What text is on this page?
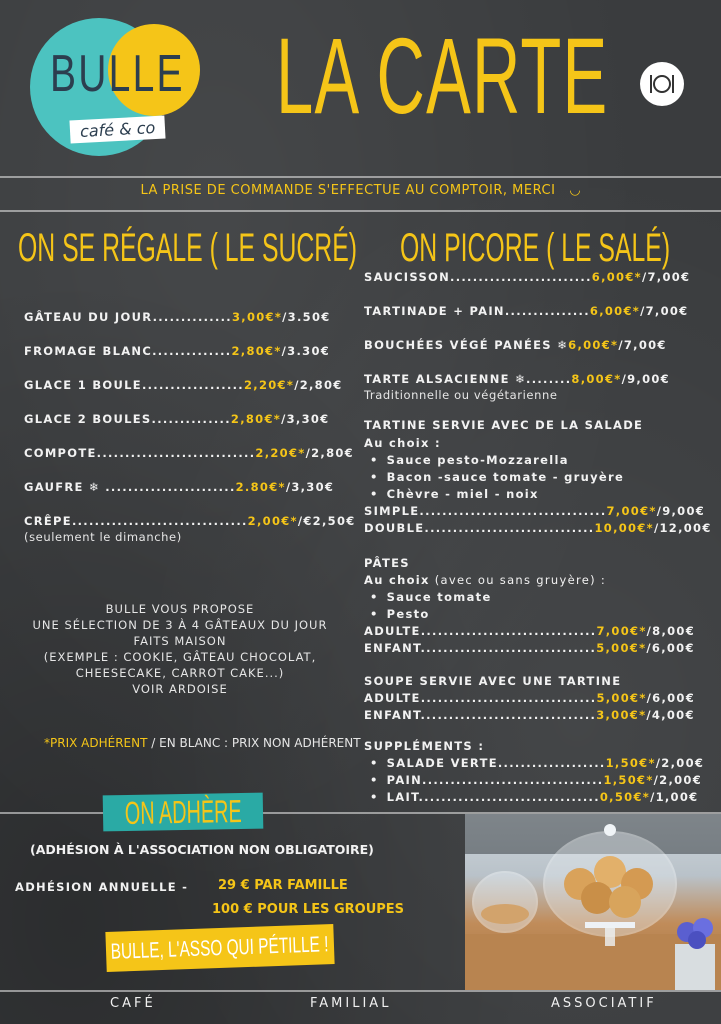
BULLE
café & co LA CARTE
LA PRISE DE COMMANDE S'EFFECTUE AU COMPTOIR, MERCI ◡
ON SE RÉGALE ( LE SUCRÉ)
GÂTEAU DU JOUR..............3,00€*/3.50€
FROMAGE BLANC..............2,80€*/3.30€
GLACE 1 BOULE..................2,20€*/2,80€
GLACE 2 BOULES..............2,80€*/3,30€
COMPOTE............................2,20€*/2,80€
GAUFRE ❄ .......................2.80€*/3,30€
CRÊPE...............................2,00€*/€2,50€
(seulement le dimanche)
BULLE VOUS PROPOSE
UNE SÉLECTION DE 3 À 4 GÂTEAUX DU JOUR
FAITS MAISON
(EXEMPLE : COOKIE, GÂTEAU CHOCOLAT,
CHEESECAKE, CARROT CAKE...)
VOIR ARDOISE
*PRIX ADHÉRENT / EN BLANC : PRIX NON ADHÉRENT
ON PICORE ( LE SALÉ)
SAUCISSON.........................6,00€*/7,00€
TARTINADE + PAIN...............6,00€*/7,00€
BOUCHÉES VÉGÉ PANÉES ❄6,00€*/7,00€
TARTE ALSACIENNE ❄........8,00€*/9,00€
Traditionnelle ou végétarienne
TARTINE SERVIE AVEC DE LA SALADE
Au choix :
• Sauce pesto-Mozzarella
• Bacon -sauce tomate - gruyère
• Chèvre - miel - noix
SIMPLE.................................7,00€*/9,00€
DOUBLE..............................10,00€*/12,00€
PÂTES
Au choix (avec ou sans gruyère) :
• Sauce tomate
• Pesto
ADULTE...............................7,00€*/8,00€
ENFANT...............................5,00€*/6,00€
SOUPE SERVIE AVEC UNE TARTINE
ADULTE...............................5,00€*/6,00€
ENFANT...............................3,00€*/4,00€
SUPPLÉMENTS :
• SALADE VERTE...................1,50€*/2,00€
• PAIN................................1,50€*/2,00€
• LAIT................................0,50€*/1,00€
ON ADHÈRE
(ADHÉSION À L'ASSOCIATION NON OBLIGATOIRE)
ADHÉSION ANNUELLE - 29 € PAR FAMILLE
100 € POUR LES GROUPES
BULLE, L'ASSO QUI PÉTILLE !
CAFÉ	FAMILIAL	ASSOCIATIF
